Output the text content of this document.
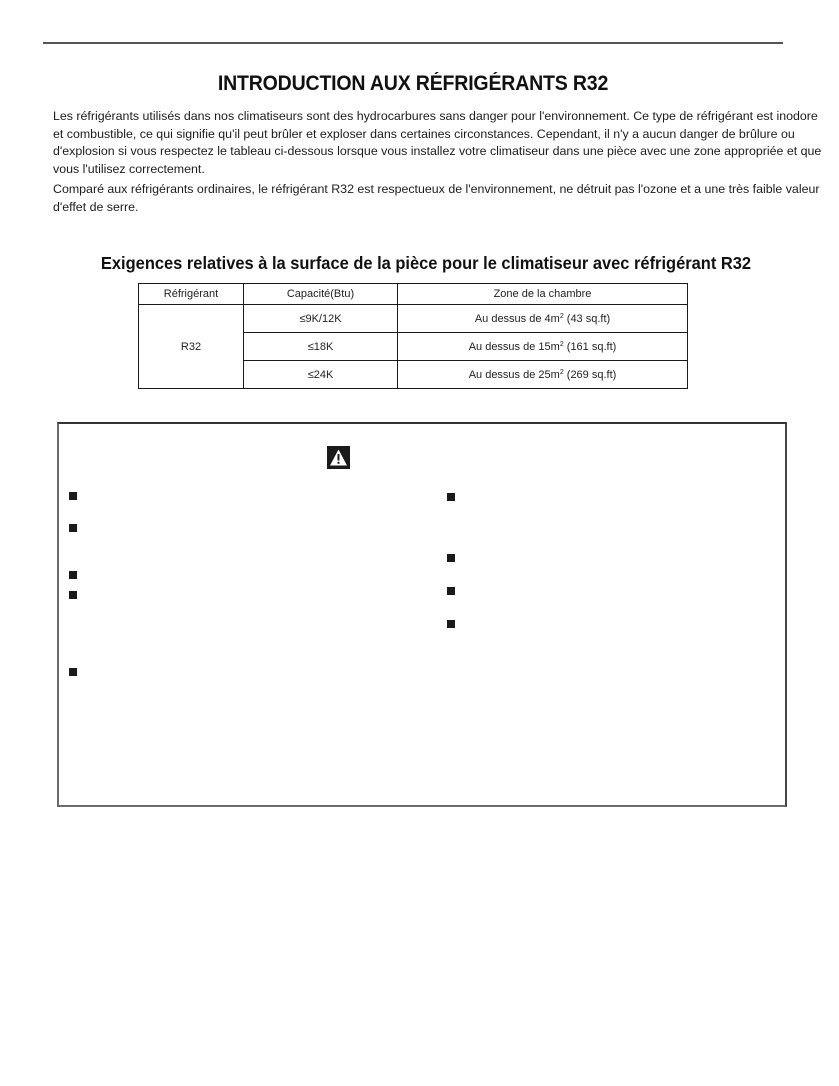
INTRODUCTION AUX RÉFRIGÉRANTS R32

Les réfrigérants utilisés dans nos climatiseurs sont des hydrocarbures sans danger pour l'environnement. Ce type de réfrigérant est inodore et combustible, ce qui signifie qu'il peut brûler et exploser dans certaines circonstances. Cependant, il n'y a aucun danger de brûlure ou d'explosion si vous respectez le tableau ci-dessous lorsque vous installez votre climatiseur dans une pièce avec une zone appropriée et que vous l'utilisez correctement.

Comparé aux réfrigérants ordinaires, le réfrigérant R32 est respectueux de l'environnement, ne détruit pas l'ozone et a une très faible valeur d'effet de serre.

Exigences relatives à la surface de la pièce pour le climatiseur avec réfrigérant R32
Réfrigérant	Capacité(Btu)	Zone de la chambre
R32	≤9K/12K	Au dessus de $4m^2$ (43 sq.ft)
	≤18K	Au dessus de $15m^2$ (161 sq.ft)
	≤24K	Au dessus de $25m^2$ (269 sq.ft)
